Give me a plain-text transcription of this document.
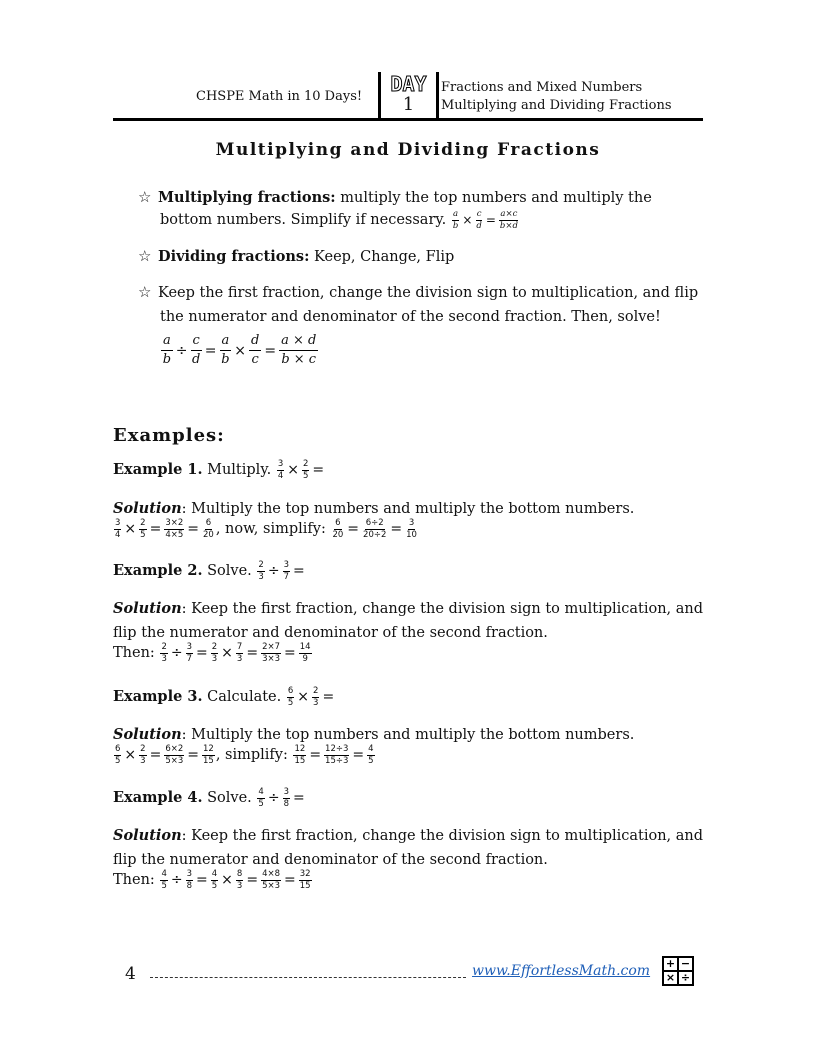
CHSPE Math in 10 Days!
DAY
1
Fractions and Mixed Numbers
Multiplying and Dividing Fractions
Multiplying and Dividing Fractions
☆ Multiplying fractions: multiply the top numbers and multiply the
bottom numbers. Simplify if necessary. $\frac{a}{b} \times \frac{c}{d} = \frac{a\times c}{b\times d}$
☆ Dividing fractions: Keep, Change, Flip
☆ Keep the first fraction, change the division sign to multiplication, and flip
the numerator and denominator of the second fraction. Then, solve!
$\frac{a}{b} \div \frac{c}{d} = \frac{a}{b} \times \frac{d}{c} = \frac{a \times d}{b \times c}$
Examples:
Example 1. Multiply. $\frac{3}{4} \times \frac{2}{5}$ =
Solution: Multiply the top numbers and multiply the bottom numbers.
$\frac{3}{4} \times \frac{2}{5} = \frac{3\times 2}{4\times 5} = \frac{6}{20}$ , now, simplify: $\frac{6}{20} = \frac{6\div 2}{20\div 2} = \frac{3}{10}$
Example 2. Solve. $\frac{2}{3} \div \frac{3}{7}$ =
Solution: Keep the first fraction, change the division sign to multiplication, and
flip the numerator and denominator of the second fraction.
Then: $\frac{2}{3} \div \frac{3}{7} = \frac{2}{3} \times \frac{7}{3} = \frac{2\times 7}{3\times 3} = \frac{14}{9}$
Example 3. Calculate. $\frac{6}{5} \times \frac{2}{3}$ =
Solution: Multiply the top numbers and multiply the bottom numbers.
$\frac{6}{5} \times \frac{2}{3} = \frac{6\times 2}{5\times 3} = \frac{12}{15}$ , simplify: $\frac{12}{15} = \frac{12\div 3}{15\div 3} = \frac{4}{5}$
Example 4. Solve. $\frac{4}{5} \div \frac{3}{8}$ =
Solution: Keep the first fraction, change the division sign to multiplication, and
flip the numerator and denominator of the second fraction.
Then: $\frac{4}{5} \div \frac{3}{8} = \frac{4}{5} \times \frac{8}{3} = \frac{4\times 8}{5\times 3} = \frac{32}{15}$
4	www.EffortlessMath.com + −
× ÷
